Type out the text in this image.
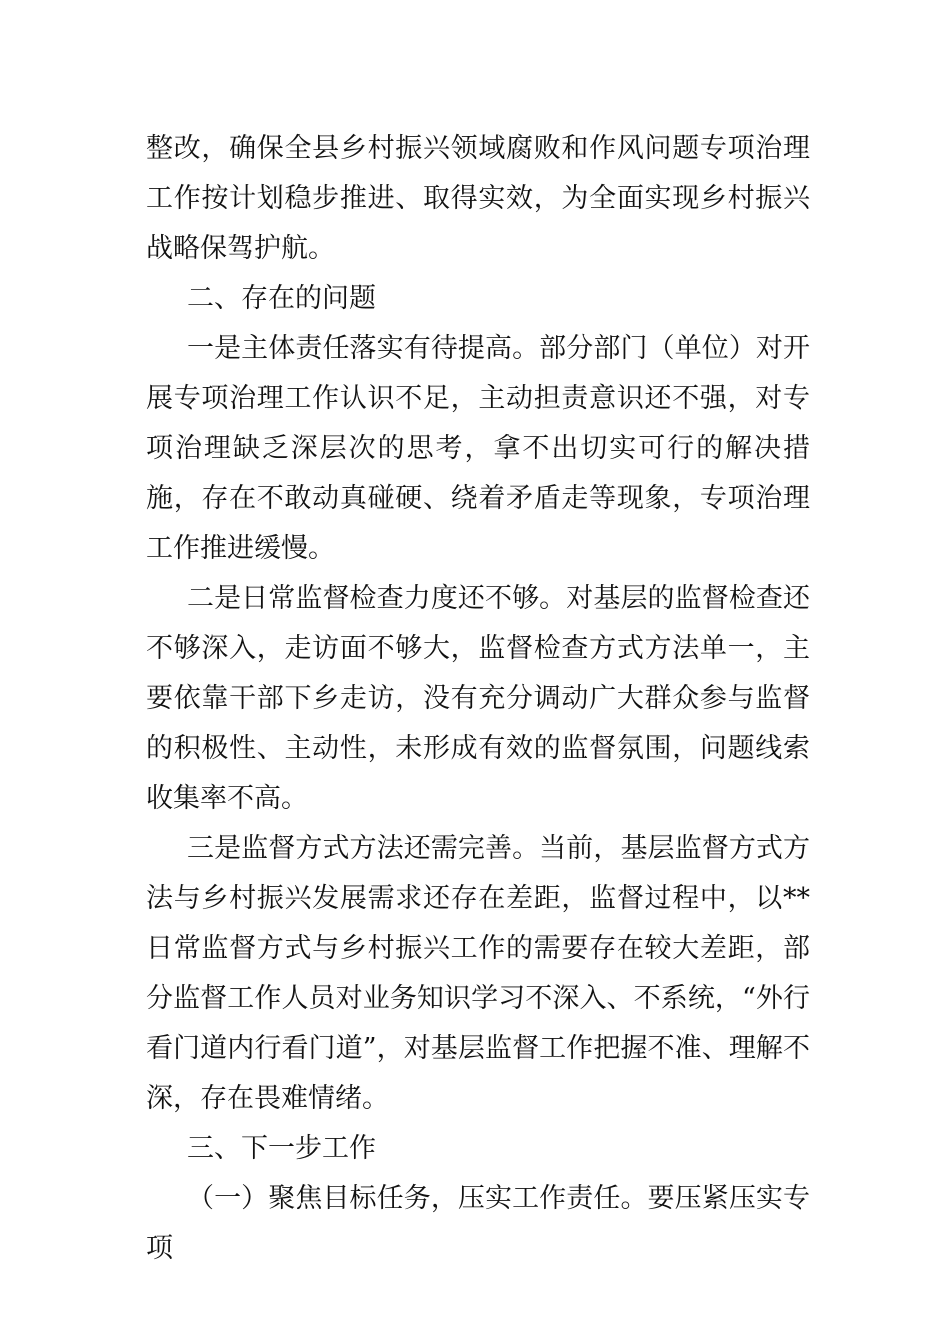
整改，确保全县乡村振兴领域腐败和作风问题专项治理工作按计划稳步推进、取得实效，为全面实现乡村振兴战略保驾护航。

二、存在的问题

一是主体责任落实有待提高。部分部门（单位）对开展专项治理工作认识不足，主动担责意识还不强，对专项治理缺乏深层次的思考，拿不出切实可行的解决措施，存在不敢动真碰硬、绕着矛盾走等现象，专项治理工作推进缓慢。

二是日常监督检查力度还不够。对基层的监督检查还不够深入，走访面不够大，监督检查方式方法单一，主要依靠干部下乡走访，没有充分调动广大群众参与监督的积极性、主动性，未形成有效的监督氛围，问题线索收集率不高。

三是监督方式方法还需完善。当前，基层监督方式方法与乡村振兴发展需求还存在差距，监督过程中，以**日常监督方式与乡村振兴工作的需要存在较大差距，部分监督工作人员对业务知识学习不深入、不系统，“外行看门道内行看门道”，对基层监督工作把握不准、理解不深，存在畏难情绪。

三、下一步工作

（一）聚焦目标任务，压实工作责任。要压紧压实专项
